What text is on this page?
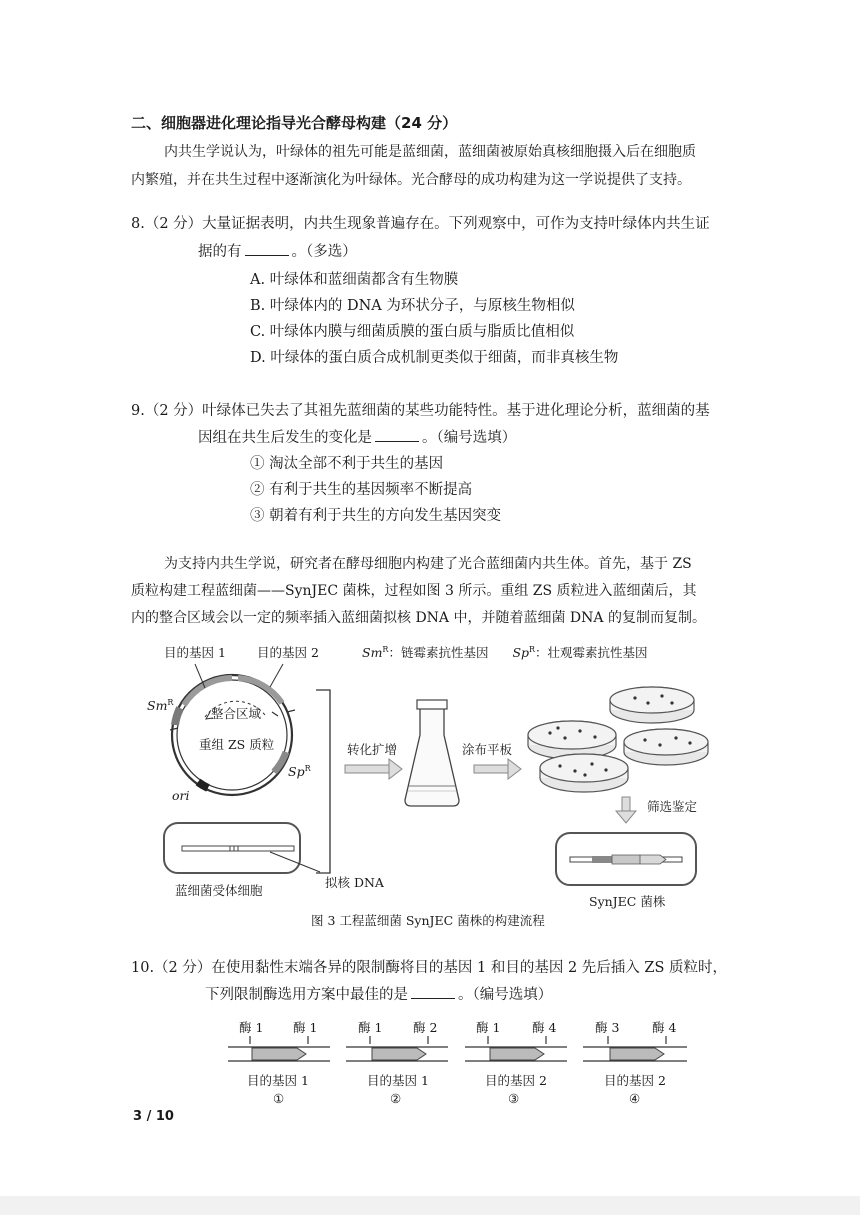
二、细胞器进化理论指导光合酵母构建（24 分）
内共生学说认为，叶绿体的祖先可能是蓝细菌，蓝细菌被原始真核细胞摄入后在细胞质
内繁殖，并在共生过程中逐渐演化为叶绿体。光合酵母的成功构建为这一学说提供了支持。
8.（2 分）大量证据表明，内共生现象普遍存在。下列观察中，可作为支持叶绿体内共生证
据的有	。（多选）
A. 叶绿体和蓝细菌都含有生物膜
B. 叶绿体内的 DNA 为环状分子，与原核生物相似
C. 叶绿体内膜与细菌质膜的蛋白质与脂质比值相似
D. 叶绿体的蛋白质合成机制更类似于细菌，而非真核生物
9.（2 分）叶绿体已失去了其祖先蓝细菌的某些功能特性。基于进化理论分析，蓝细菌的基
因组在共生后发生的变化是	。（编号选填）
① 淘汰全部不利于共生的基因
② 有利于共生的基因频率不断提高
③ 朝着有利于共生的方向发生基因突变
为支持内共生学说，研究者在酵母细胞内构建了光合蓝细菌内共生体。首先，基于 ZS
质粒构建工程蓝细菌——SynJEC 菌株，过程如图 3 所示。重组 ZS 质粒进入蓝细菌后，其
内的整合区域会以一定的频率插入蓝细菌拟核 DNA 中，并随着蓝细菌 DNA 的复制而复制。
目的基因 1 目的基因 2	$Sm^R$：链霉素抗性基因 $Sp^R$：壮观霉素抗性基因
$Sm^R$
整合区域
重组 ZS 质粒
$Sp^R$
ori
转化扩增	涂布平板
筛选鉴定
拟核 DNA
蓝细菌受体细胞
SynJEC 菌株
图 3 工程蓝细菌 SynJEC 菌株的构建流程
10.（2 分）在使用黏性末端各异的限制酶将目的基因 1 和目的基因 2 先后插入 ZS 质粒时，
下列限制酶选用方案中最佳的是	。（编号选填）
酶 1 酶 1
目的基因 1
①
酶 1 酶 2
目的基因 1
②
酶 1	酶 4
目的基因 2
③
酶 3	酶 4
目的基因 2
④
3 / 10
